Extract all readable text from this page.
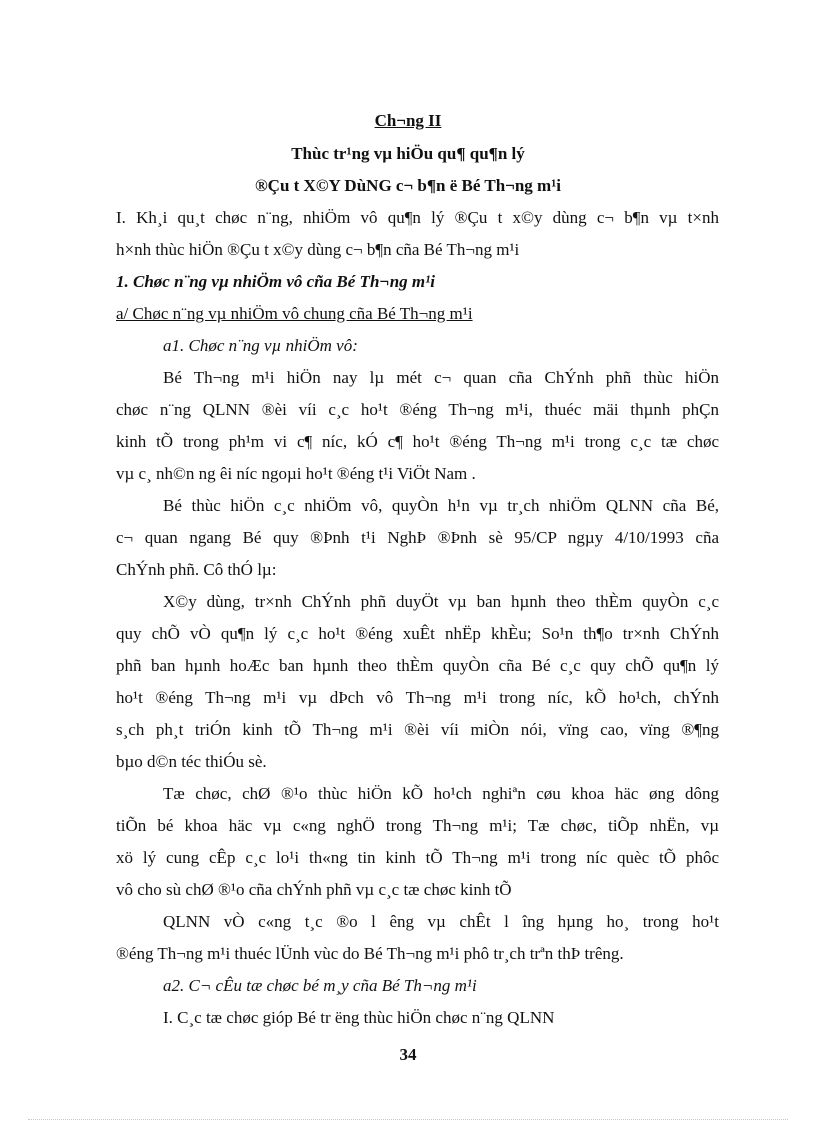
Ch¬ng II
Thùc tr¹ng vµ hiÖu qu¶ qu¶n lý
®Çu t X©Y DùNG c¬ b¶n ë Bé Th¬ng m¹i
I. Kh¸i qu¸t chøc n¨ng, nhiÖm vô qu¶n lý ®Çu t x©y dùng c¬ b¶n vµ t×nh
h×nh thùc hiÖn ®Çu t x©y dùng c¬ b¶n cña Bé Th¬ng m¹i
1. Chøc n¨ng vµ nhiÖm vô cña Bé Th¬ng m¹i
a/ Chøc n¨ng vµ nhiÖm vô chung cña Bé Th¬ng m¹i
a1. Chøc n¨ng vµ nhiÖm vô:
Bé Th¬ng m¹i hiÖn nay lµ mét c¬ quan cña ChÝnh phñ thùc hiÖn
chøc n¨ng QLNN ®èi víi c¸c ho¹t ®éng Th¬ng m¹i, thuéc mäi thµnh phÇn
kinh tÕ trong ph¹m vi c¶ níc, kÓ c¶ ho¹t ®éng Th¬ng m¹i trong c¸c tæ chøc
vµ c¸ nh©n ng êi níc ngoµi ho¹t ®éng t¹i ViÖt Nam .
Bé thùc hiÖn c¸c nhiÖm vô, quyÒn h¹n vµ tr¸ch nhiÖm QLNN cña Bé,
c¬ quan ngang Bé quy ®Þnh t¹i NghÞ ®Þnh sè 95/CP ngµy 4/10/1993 cña
ChÝnh phñ. Cô thÓ lµ:
X©y dùng, tr×nh ChÝnh phñ duyÖt vµ ban hµnh theo thÈm quyÒn c¸c
quy chÕ vÒ qu¶n lý c¸c ho¹t ®éng xuÊt nhËp khÈu; So¹n th¶o tr×nh ChÝnh
phñ ban hµnh hoÆc ban hµnh theo thÈm quyÒn cña Bé c¸c quy chÕ qu¶n lý
ho¹t ®éng Th¬ng m¹i vµ dÞch vô Th¬ng m¹i trong níc, kÕ ho¹ch, chÝnh
s¸ch ph¸t triÓn kinh tÕ Th¬ng m¹i ®èi víi miÒn nói, vïng cao, vïng ®¶ng
bµo d©n téc thiÓu sè.
Tæ chøc, chØ ®¹o thùc hiÖn kÕ ho¹ch nghiªn cøu khoa häc øng dông
tiÕn bé khoa häc vµ c«ng nghÖ trong Th¬ng m¹i; Tæ chøc, tiÕp nhËn, vµ
xö lý cung cÊp c¸c lo¹i th«ng tin kinh tÕ Th¬ng m¹i trong níc quèc tÕ phôc
vô cho sù chØ ®¹o cña chÝnh phñ vµ c¸c tæ chøc kinh tÕ
QLNN vÒ c«ng t¸c ®o l êng vµ chÊt l îng hµng ho¸ trong ho¹t
®éng Th¬ng m¹i thuéc lÜnh vùc do Bé Th¬ng m¹i phô tr¸ch trªn thÞ trêng.
a2. C¬ cÊu tæ chøc bé m¸y cña Bé Th¬ng m¹i
I. C¸c tæ chøc gióp Bé tr ëng thùc hiÖn chøc n¨ng QLNN
34
